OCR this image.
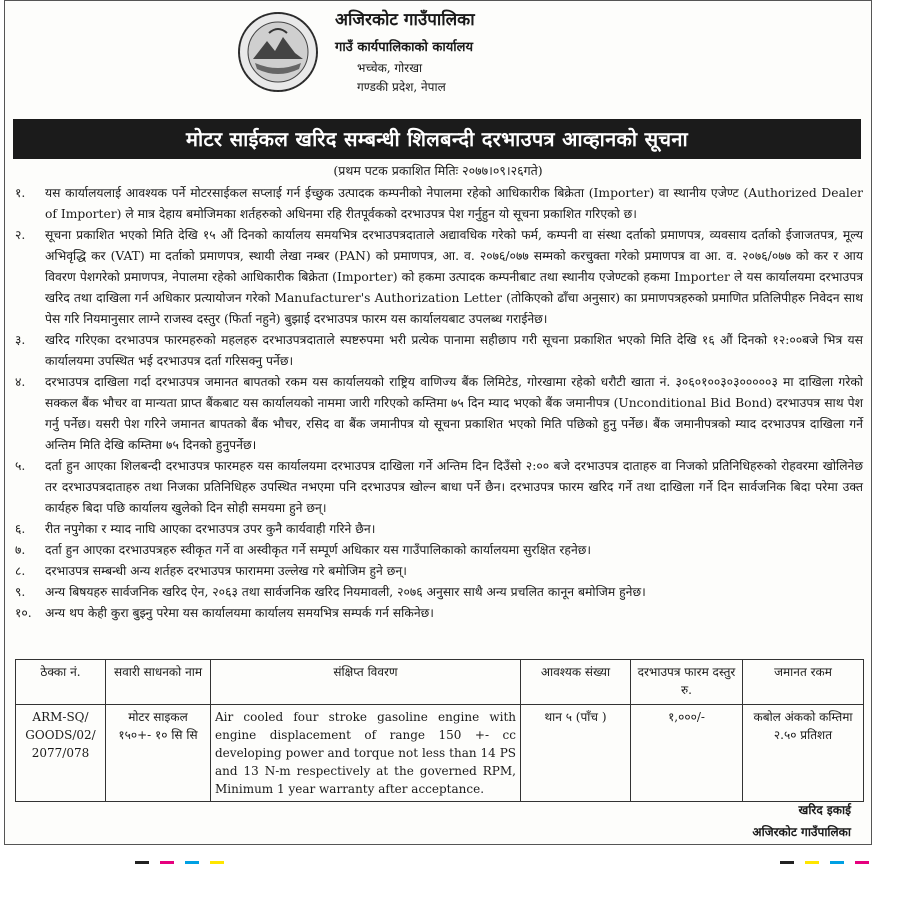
अजिरकोट गाउँपालिका
गाउँ कार्यपालिकाको कार्यालय
भच्चेक, गोरखा
गण्डकी प्रदेश, नेपाल
मोटर साईकल खरिद सम्बन्धी शिलबन्दी दरभाउपत्र आव्हानको सूचना
(प्रथम पटक प्रकाशित मितिः २०७७।०९।२६गते)
१.	यस कार्यालयलाई आवश्यक पर्ने मोटरसाईकल सप्लाई गर्न ईच्छुक उत्पादक कम्पनीको नेपालमा रहेको आधिकारीक बिक्रेता (Importer) वा स्थानीय एजेण्ट (Authorized Dealer of Importer) ले मात्र देहाय बमोजिमका शर्तहरुको अधिनमा रहि रीतपूर्वकको दरभाउपत्र पेश गर्नुहुन यो सूचना प्रकाशित गरिएको छ।
२.	सूचना प्रकाशित भएको मिति देखि १५ औं दिनको कार्यालय समयभित्र दरभाउपत्रदाताले अद्यावधिक गरेको फर्म, कम्पनी वा संस्था दर्ताको प्रमाणपत्र, व्यवसाय दर्ताको ईजाजतपत्र, मूल्य अभिवृद्धि कर (VAT) मा दर्ताको प्रमाणपत्र, स्थायी लेखा नम्बर (PAN) को प्रमाणपत्र, आ. व. २०७६/०७७ सम्मको करचुक्ता गरेको प्रमाणपत्र वा आ. व. २०७६/०७७ को कर र आय विवरण पेशगरेको प्रमाणपत्र, नेपालमा रहेको आधिकारीक बिक्रेता (Importer) को हकमा उत्पादक कम्पनीबाट तथा स्थानीय एजेण्टको हकमा Importer ले यस कार्यालयमा दरभाउपत्र खरिद तथा दाखिला गर्न अधिकार प्रत्यायोजन गरेको Manufacturer's Authorization Letter (तोकिएको ढाँचा अनुसार) का प्रमाणपत्रहरुको प्रमाणित प्रतिलिपीहरु निवेदन साथ पेस गरि नियमानुसार लाग्ने राजस्व दस्तुर (फिर्ता नहुने) बुझाई दरभाउपत्र फारम यस कार्यालयबाट उपलब्ध गराईनेछ।
३.	खरिद गरिएका दरभाउपत्र फारमहरुको महलहरु दरभाउपत्रदाताले स्पष्टरुपमा भरी प्रत्येक पानामा सहीछाप गरी सूचना प्रकाशित भएको मिति देखि १६ औं दिनको १२:००बजे भित्र यस कार्यालयमा उपस्थित भई दरभाउपत्र दर्ता गरिसक्नु पर्नेछ।
४.	दरभाउपत्र दाखिला गर्दा दरभाउपत्र जमानत बापतको रकम यस कार्यालयको राष्ट्रिय वाणिज्य बैंक लिमिटेड, गोरखामा रहेको धरौटी खाता नं. ३०६०१००३०३०००००३ मा दाखिला गरेको सक्कल बैंक भौचर वा मान्यता प्राप्त बैंकबाट यस कार्यालयको नाममा जारी गरिएको कम्तिमा ७५ दिन म्याद भएको बैंक जमानीपत्र (Unconditional Bid Bond) दरभाउपत्र साथ पेश गर्नु पर्नेछ। यसरी पेश गरिने जमानत बापतको बैंक भौचर, रसिद वा बैंक जमानीपत्र यो सूचना प्रकाशित भएको मिति पछिको हुनु पर्नेछ। बैंक जमानीपत्रको म्याद दरभाउपत्र दाखिला गर्ने अन्तिम मिति देखि कम्तिमा ७५ दिनको हुनुपर्नेछ।
५.	दर्ता हुन आएका शिलबन्दी दरभाउपत्र फारमहरु यस कार्यालयमा दरभाउपत्र दाखिला गर्ने अन्तिम दिन दिउँसो २:०० बजे दरभाउपत्र दाताहरु वा निजको प्रतिनिधिहरुको रोहवरमा खोलिनेछ तर दरभाउपत्रदाताहरु तथा निजका प्रतिनिधिहरु उपस्थित नभएमा पनि दरभाउपत्र खोल्न बाधा पर्ने छैन। दरभाउपत्र फारम खरिद गर्ने तथा दाखिला गर्ने दिन सार्वजनिक बिदा परेमा उक्त कार्यहरु बिदा पछि कार्यालय खुलेको दिन सोही समयमा हुने छन्।
६.	रीत नपुगेका र म्याद नाघि आएका दरभाउपत्र उपर कुनै कार्यवाही गरिने छैन।
७.	दर्ता हुन आएका दरभाउपत्रहरु स्वीकृत गर्ने वा अस्वीकृत गर्ने सम्पूर्ण अधिकार यस गाउँपालिकाको कार्यालयमा सुरक्षित रहनेछ।
८.	दरभाउपत्र सम्बन्धी अन्य शर्तहरु दरभाउपत्र फाराममा उल्लेख गरे बमोजिम हुने छन्।
९.	अन्य बिषयहरु सार्वजनिक खरिद ऐन, २०६३ तथा सार्वजनिक खरिद नियमावली, २०७६ अनुसार साथै अन्य प्रचलित कानून बमोजिम हुनेछ।
१०.	अन्य थप केही कुरा बुझ्नु परेमा यस कार्यालयमा कार्यालय समयभित्र सम्पर्क गर्न सकिनेछ।
ठेक्का नं.	सवारी साधनको नाम	संक्षिप्त विवरण	आवश्यक संख्या	दरभाउपत्र फारम दस्तुर रु.	जमानत रकम
ARM-SQ/ GOODS/02/ 2077/078	मोटर साइकल १५०+- १० सि सि	Air cooled four stroke gasoline engine with engine displacement of range 150 +- cc developing power and torque not less than 14 PS and 13 N-m respectively at the governed RPM, Minimum 1 year warranty after acceptance.	थान ५ (पाँच )	१,०००/-	कबोल अंकको कम्तिमा २.५० प्रतिशत
खरिद इकाई
अजिरकोट गाउँपालिका
